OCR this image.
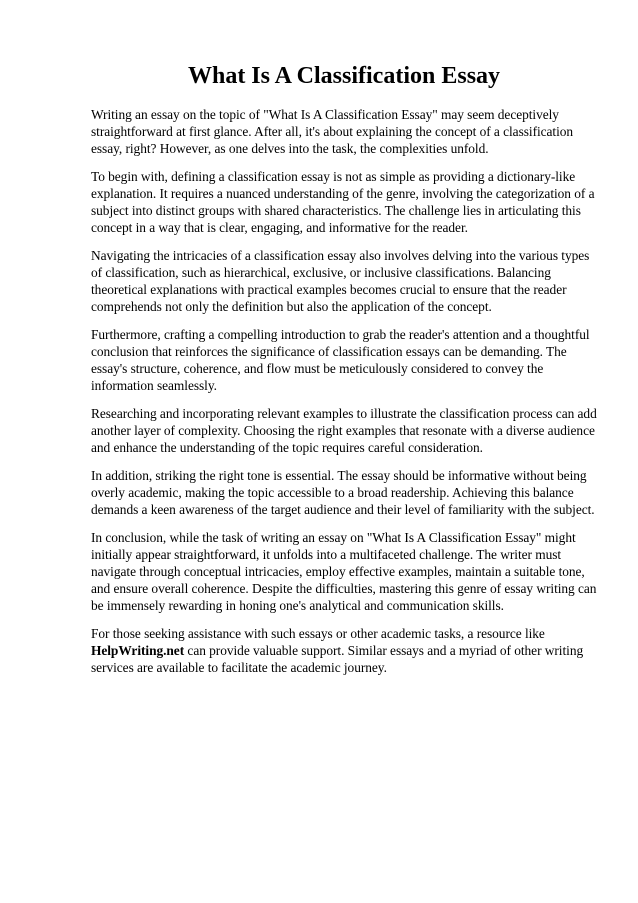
What Is A Classification Essay

Writing an essay on the topic of "What Is A Classification Essay" may seem deceptively straightforward at first glance. After all, it's about explaining the concept of a classification essay, right? However, as one delves into the task, the complexities unfold.

To begin with, defining a classification essay is not as simple as providing a dictionary-like explanation. It requires a nuanced understanding of the genre, involving the categorization of a subject into distinct groups with shared characteristics. The challenge lies in articulating this concept in a way that is clear, engaging, and informative for the reader.

Navigating the intricacies of a classification essay also involves delving into the various types of classification, such as hierarchical, exclusive, or inclusive classifications. Balancing theoretical explanations with practical examples becomes crucial to ensure that the reader comprehends not only the definition but also the application of the concept.

Furthermore, crafting a compelling introduction to grab the reader's attention and a thoughtful conclusion that reinforces the significance of classification essays can be demanding. The essay's structure, coherence, and flow must be meticulously considered to convey the information seamlessly.

Researching and incorporating relevant examples to illustrate the classification process can add another layer of complexity. Choosing the right examples that resonate with a diverse audience and enhance the understanding of the topic requires careful consideration.

In addition, striking the right tone is essential. The essay should be informative without being overly academic, making the topic accessible to a broad readership. Achieving this balance demands a keen awareness of the target audience and their level of familiarity with the subject.

In conclusion, while the task of writing an essay on "What Is A Classification Essay" might initially appear straightforward, it unfolds into a multifaceted challenge. The writer must navigate through conceptual intricacies, employ effective examples, maintain a suitable tone, and ensure overall coherence. Despite the difficulties, mastering this genre of essay writing can be immensely rewarding in honing one's analytical and communication skills.

For those seeking assistance with such essays or other academic tasks, a resource like HelpWriting.net can provide valuable support. Similar essays and a myriad of other writing services are available to facilitate the academic journey.
